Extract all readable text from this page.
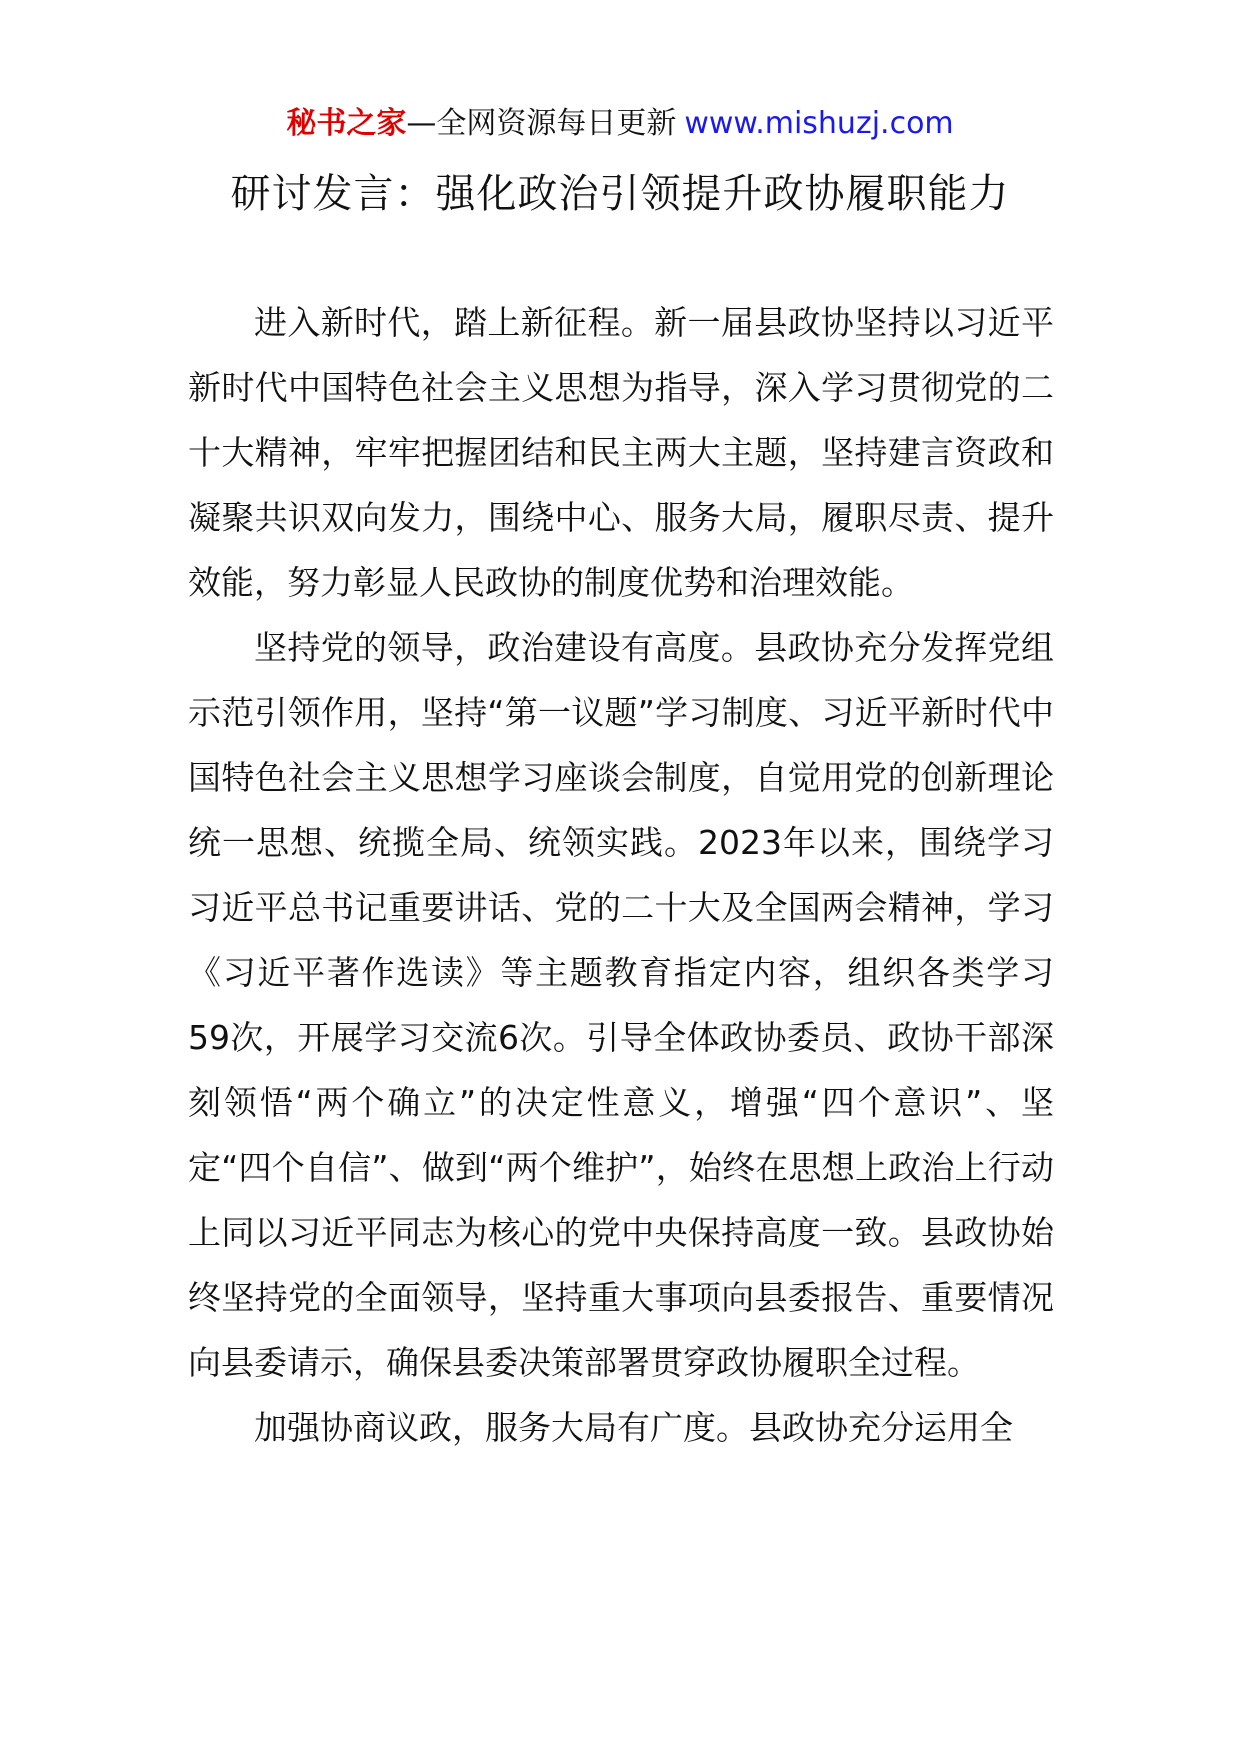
秘书之家—全网资源每日更新 www.mishuzj.com
研讨发言：强化政治引领提升政协履职能力

进入新时代，踏上新征程。新一届县政协坚持以习近平新时代中国特色社会主义思想为指导，深入学习贯彻党的二十大精神，牢牢把握团结和民主两大主题，坚持建言资政和凝聚共识双向发力，围绕中心、服务大局，履职尽责、提升效能，努力彰显人民政协的制度优势和治理效能。

坚持党的领导，政治建设有高度。县政协充分发挥党组示范引领作用，坚持“第一议题”学习制度、习近平新时代中国特色社会主义思想学习座谈会制度，自觉用党的创新理论统一思想、统揽全局、统领实践。2023年以来，围绕学习习近平总书记重要讲话、党的二十大及全国两会精神，学习《习近平著作选读》等主题教育指定内容，组织各类学习59次，开展学习交流6次。引导全体政协委员、政协干部深刻领悟“两个确立”的决定性意义，增强“四个意识”、坚定“四个自信”、做到“两个维护”，始终在思想上政治上行动上同以习近平同志为核心的党中央保持高度一致。县政协始终坚持党的全面领导，坚持重大事项向县委报告、重要情况向县委请示，确保县委决策部署贯穿政协履职全过程。

加强协商议政，服务大局有广度。县政协充分运用全
